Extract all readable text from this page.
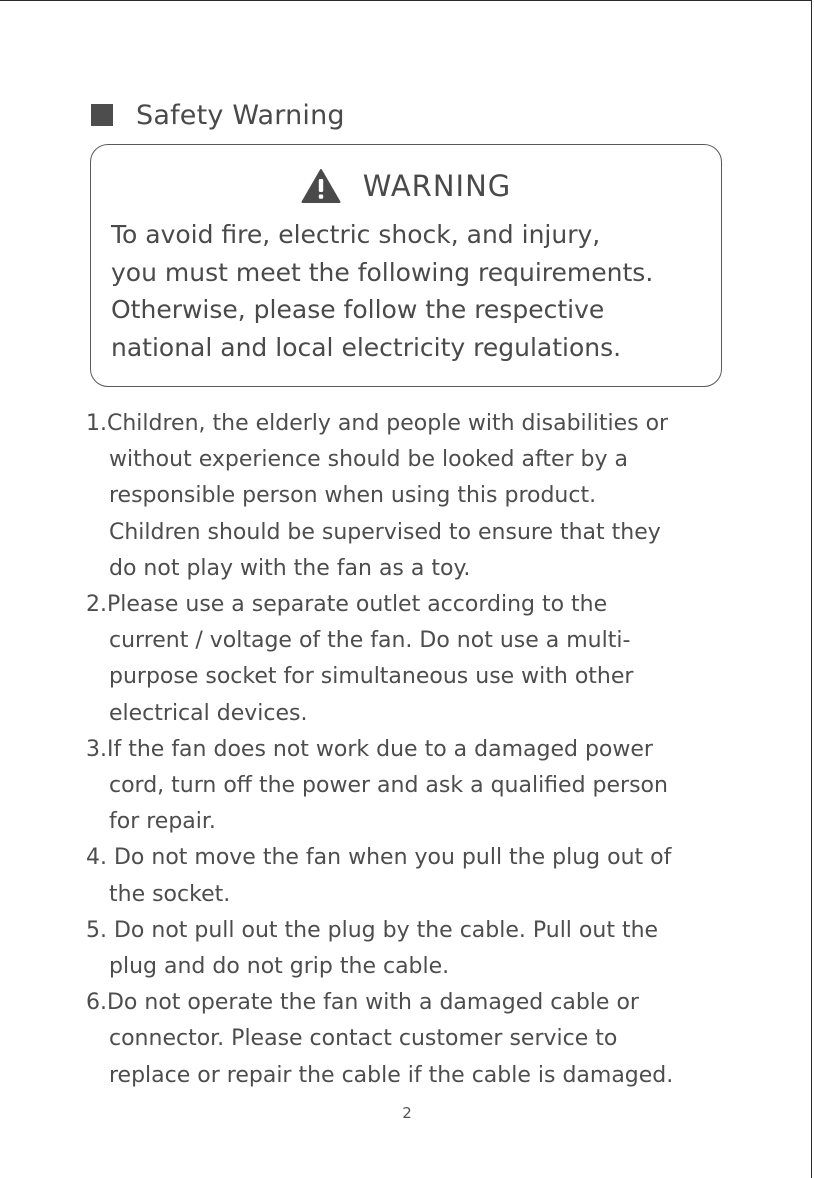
Safety Warning
WARNING
To avoid fire, electric shock, and injury,
you must meet the following requirements.
Otherwise, please follow the respective
national and local electricity regulations.
1.Children, the elderly and people with disabilities or
without experience should be looked after by a
responsible person when using this product.
Children should be supervised to ensure that they
do not play with the fan as a toy.
2.Please use a separate outlet according to the
current / voltage of the fan. Do not use a multi-
purpose socket for simultaneous use with other
electrical devices.
3.If the fan does not work due to a damaged power
cord, turn off the power and ask a qualified person
for repair.
4. Do not move the fan when you pull the plug out of
the socket.
5. Do not pull out the plug by the cable. Pull out the
plug and do not grip the cable.
6.Do not operate the fan with a damaged cable or
connector. Please contact customer service to
replace or repair the cable if the cable is damaged.
2
